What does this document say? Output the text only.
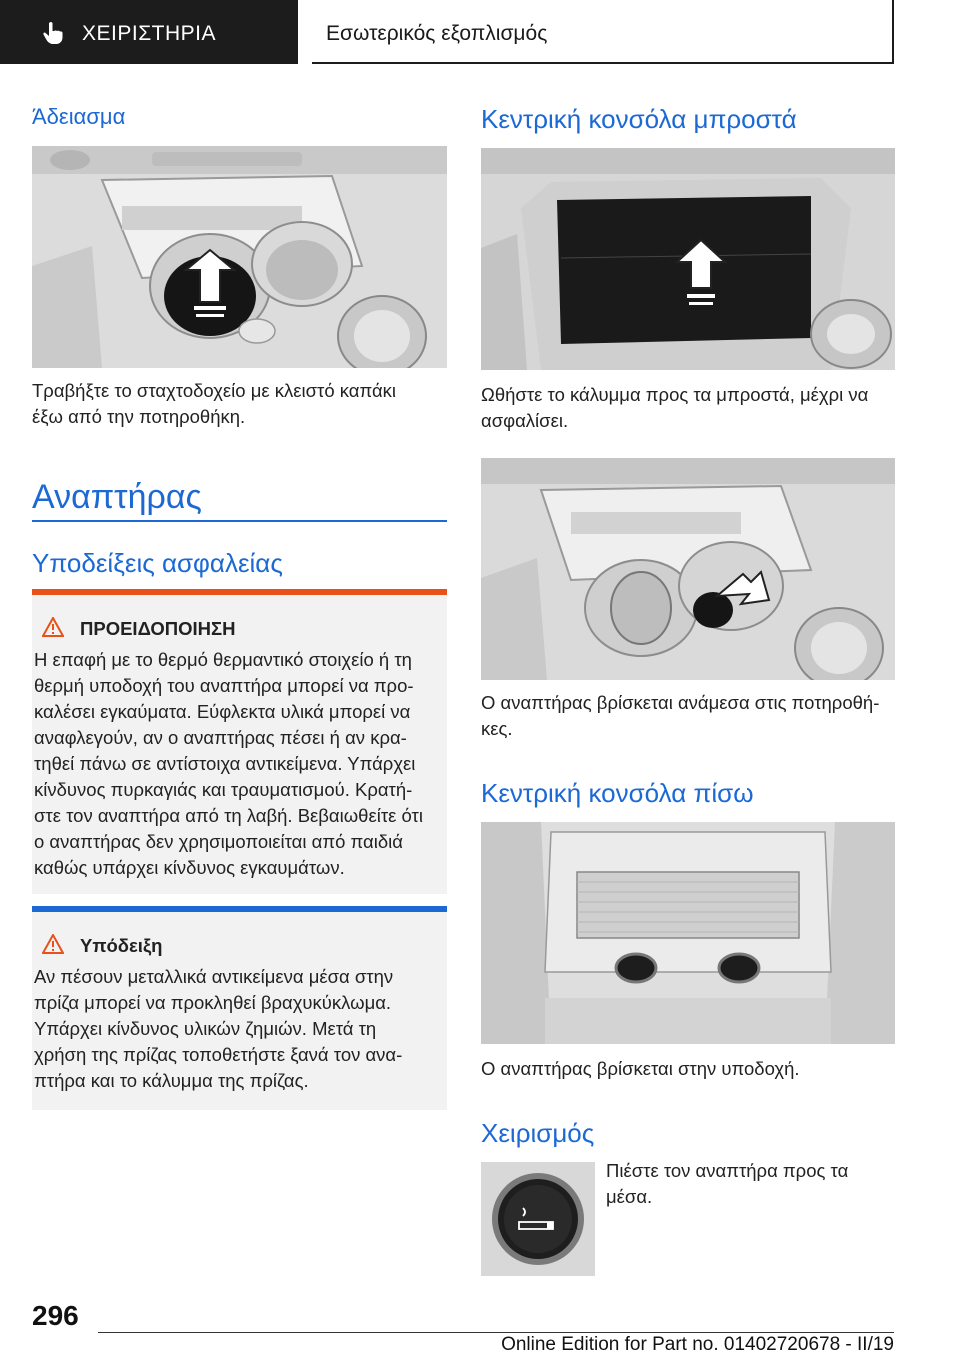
ΧΕΙΡΙΣΤΗΡΙΑ	Εσωτερικός εξοπλισμός
Άδειασμα
Τραβήξτε το σταχτοδοχείο με κλειστό καπάκι
έξω από την ποτηροθήκη.
Αναπτήρας
Υποδείξεις ασφαλείας
ΠΡΟΕΙΔΟΠΟΙΗΣΗ
Η επαφή με το θερμό θερμαντικό στοιχείο ή τη
θερμή υποδοχή του αναπτήρα μπορεί να προ‐
καλέσει εγκαύματα. Εύφλεκτα υλικά μπορεί να
αναφλεγούν, αν ο αναπτήρας πέσει ή αν κρα‐
τηθεί πάνω σε αντίστοιχα αντικείμενα. Υπάρχει
κίνδυνος πυρκαγιάς και τραυματισμού. Κρατή‐
στε τον αναπτήρα από τη λαβή. Βεβαιωθείτε ότι
ο αναπτήρας δεν χρησιμοποιείται από παιδιά
καθώς υπάρχει κίνδυνος εγκαυμάτων.
Υπόδειξη
Αν πέσουν μεταλλικά αντικείμενα μέσα στην
πρίζα μπορεί να προκληθεί βραχυκύκλωμα.
Υπάρχει κίνδυνος υλικών ζημιών. Μετά τη
χρήση της πρίζας τοποθετήστε ξανά τον ανα‐
πτήρα και το κάλυμμα της πρίζας.
Κεντρική κονσόλα μπροστά
Ωθήστε το κάλυμμα προς τα μπροστά, μέχρι να
ασφαλίσει.
Ο αναπτήρας βρίσκεται ανάμεσα στις ποτηροθή‐
κες.
Κεντρική κονσόλα πίσω
Ο αναπτήρας βρίσκεται στην υποδοχή.
Χειρισμός
Πιέστε τον αναπτήρα προς τα
μέσα.
296
Online Edition for Part no. 01402720678 - II/19
